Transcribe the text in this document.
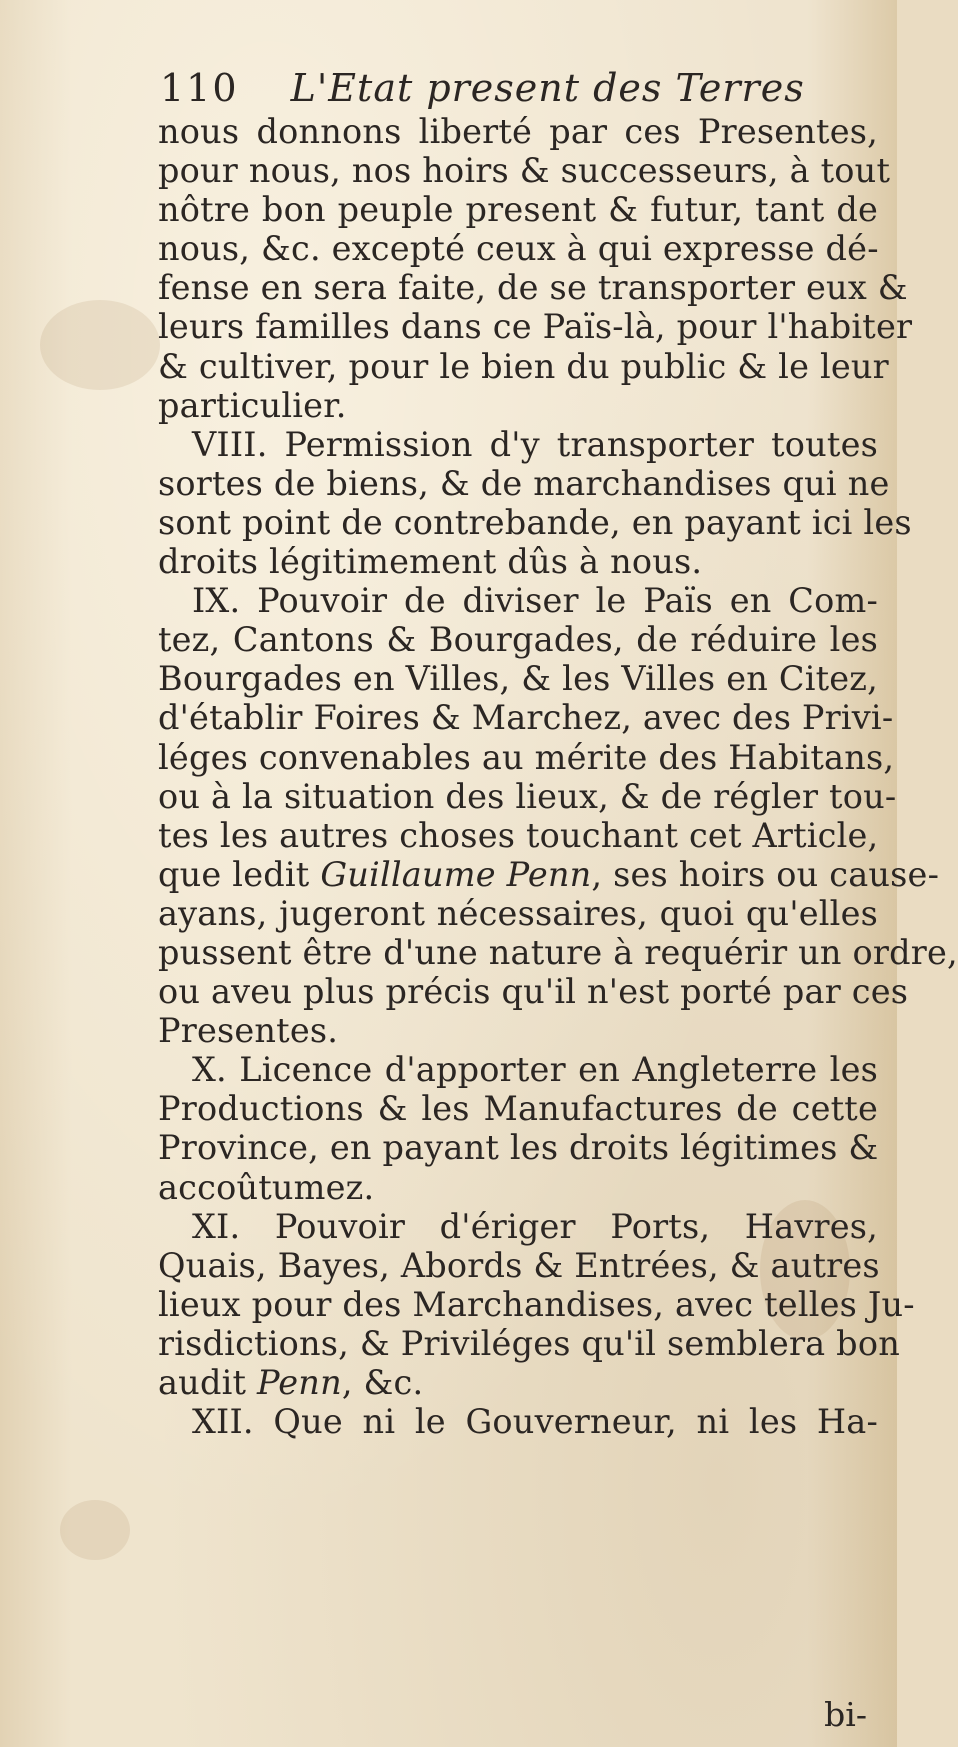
110 L'Etat present des Terres
nous donnons liberté par ces Presentes,
pour nous, nos hoirs & successeurs, à tout
nôtre bon peuple present & futur, tant de
nous, &c. excepté ceux à qui expresse dé-
fense en sera faite, de se transporter eux &
leurs familles dans ce Païs-là, pour l'habiter
& cultiver, pour le bien du public & le leur
particulier.
VIII. Permission d'y transporter toutes
sortes de biens, & de marchandises qui ne
sont point de contrebande, en payant ici les
droits légitimement dûs à nous.
IX. Pouvoir de diviser le Païs en Com-
tez, Cantons & Bourgades, de réduire les
Bourgades en Villes, & les Villes en Citez,
d'établir Foires & Marchez, avec des Privi-
léges convenables au mérite des Habitans,
ou à la situation des lieux, & de régler tou-
tes les autres choses touchant cet Article,
que ledit Guillaume Penn, ses hoirs ou cause-
ayans, jugeront nécessaires, quoi qu'elles
pussent être d'une nature à requérir un ordre,
ou aveu plus précis qu'il n'est porté par ces
Presentes.
X. Licence d'apporter en Angleterre les
Productions & les Manufactures de cette
Province, en payant les droits légitimes &
accoûtumez.
XI. Pouvoir d'ériger Ports, Havres,
Quais, Bayes, Abords & Entrées, & autres
lieux pour des Marchandises, avec telles Ju-
risdictions, & Priviléges qu'il semblera bon
audit Penn, &c.
XII. Que ni le Gouverneur, ni les Ha-
bi-
